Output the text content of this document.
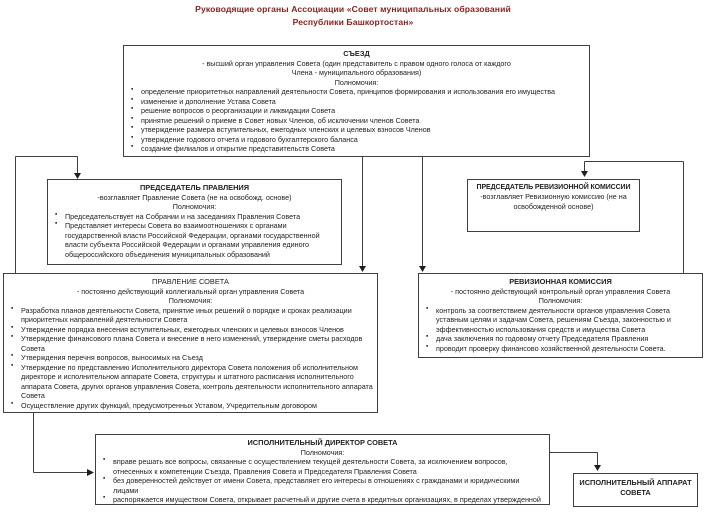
Руководящие органы Ассоциации «Совет муниципальных образований
Республики Башкортостан»
СЪЕЗД
- высший орган управления Совета (один представитель с правом одного голоса от каждого
Члена - муниципального образования)
Полномочия:
▪ определение приоритетных направлений деятельности Совета, принципов формирования и использования его имущества
▪ изменение и дополнение Устава Совета
▪ решение вопросов о реорганизации и ликвидации Совета
▪ принятие решений о приеме в Совет новых Членов, об исключении членов Совета
▪ утверждение размера вступительных, ежегодных членских и целевых взносов Членов
▪ утверждение годового отчета и годового бухгалтерского баланса
▪ создание филиалов и открытие представительств Совета
ПРЕДСЕДАТЕЛЬ ПРАВЛЕНИЯ
-возглавляет Правление Совета (не на освобожд. основе)
Полномочия:
▪ Председательствует на Собрании и на заседаниях Правления Совета
▪ Представляет интересы Совета во взаимоотношениях с органами государственной власти Российской Федерации, органами государственной власти субъекта Российской Федерации и органами управления единого общероссийского объединения муниципальных образований
ПРЕДСЕДАТЕЛЬ РЕВИЗИОННОЙ КОМИССИИ
-возглавляет Ревизионную комиссию (не на
освобожденной основе)
ПРАВЛЕНИЕ СОВЕТА
- постоянно действующий коллегиальный орган управления Совета
Полномочия:
▪ Разработка планов деятельности Совета, принятие иных решений о порядке и сроках реализации приоритетных направлений деятельности Совета
▪ Утверждение порядка внесения вступительных, ежегодных членских и целевых взносов Членов
▪ Утверждение финансового плана Совета и внесение в него изменений, утверждение сметы расходов Совета
▪ Утверждения перечня вопросов, выносимых на Съезд
▪ Утверждение по представлению Исполнительного директора Совета положения об исполнительном директоре и исполнительном аппарате Совета, структуры и штатного расписания исполнительного аппарата Совета, других органов управления Совета, контроль деятельности исполнительного аппарата Совета
▪ Осуществление других функций, предусмотренных Уставом, Учредительным договором
РЕВИЗИОННАЯ КОМИССИЯ
- постоянно действующий контрольный орган управления Совета
Полномочия:
▪ контроль за соответствием деятельности органов управления Совета уставным целям и задачам Совета, решениям Съезда, законностью и эффективностью использования средств и имущества Совета
▪ дача заключения по годовому отчету Председателя Правления
▪ проводит проверку финансово хозяйственной деятельности Совета.
ИСПОЛНИТЕЛЬНЫЙ ДИРЕКТОР СОВЕТА
Полномочия:
▪ вправе решать все вопросы, связанные с осуществлением текущей деятельности Совета, за исключением вопросов, отнесенных к компетенции Съезда, Правления Совета и Председателя Правления Совета
▪ без доверенностей действует от имени Совета, представляет его интересы в отношениях с гражданами и юридическими лицами
▪ распоряжается имуществом Совета, открывает расчетный и другие счета в кредитных организациях, в пределах утвержденной
ИСПОЛНИТЕЛЬНЫЙ АППАРАТ
СОВЕТА
